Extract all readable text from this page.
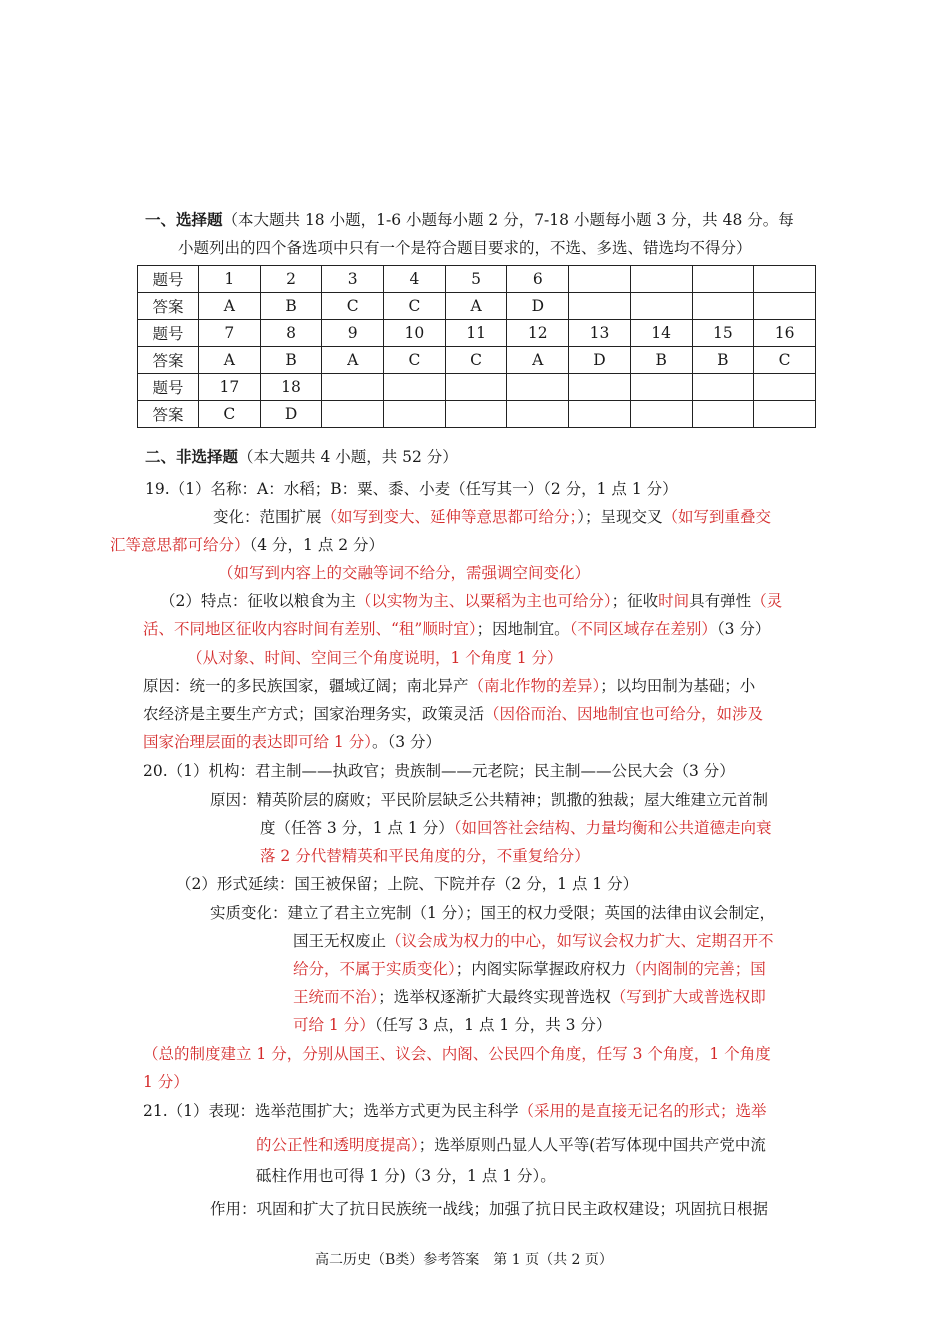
一、选择题（本大题共 18 小题，1-6 小题每小题 2 分，7-18 小题每小题 3 分，共 48 分。每
小题列出的四个备选项中只有一个是符合题目要求的，不选、多选、错选均不得分）
题号	1	2	3	4	5	6				
答案	A	B	C	C	A	D				
题号	7	8	9	10	11	12	13	14	15	16
答案	A	B	A	C	C	A	D	B	B	C
题号	17	18								
答案	C	D								
二、非选择题（本大题共 4 小题，共 52 分）
19.（1）名称：A：水稻；B：粟、黍、小麦（任写其一）（2 分，1 点 1 分）
变化：范围扩展（如写到变大、延伸等意思都可给分；）；呈现交叉（如写到重叠交
汇等意思都可给分）（4 分，1 点 2 分）
（如写到内容上的交融等词不给分，需强调空间变化）
（2）特点：征收以粮食为主（以实物为主、以粟稻为主也可给分）；征收时间具有弹性（灵
活、不同地区征收内容时间有差别、“租”顺时宜）；因地制宜。（不同区域存在差别）（3 分）
（从对象、时间、空间三个角度说明，1 个角度 1 分）
原因：统一的多民族国家，疆域辽阔；南北异产（南北作物的差异）；以均田制为基础；小
农经济是主要生产方式；国家治理务实，政策灵活（因俗而治、因地制宜也可给分，如涉及
国家治理层面的表达即可给 1 分）。（3 分）
20.（1）机构：君主制——执政官；贵族制——元老院；民主制——公民大会（3 分）
原因：精英阶层的腐败；平民阶层缺乏公共精神；凯撒的独裁；屋大维建立元首制
度（任答 3 分，1 点 1 分）（如回答社会结构、力量均衡和公共道德走向衰
落 2 分代替精英和平民角度的分，不重复给分）
（2）形式延续：国王被保留；上院、下院并存（2 分，1 点 1 分）
实质变化：建立了君主立宪制（1 分）；国王的权力受限；英国的法律由议会制定，
国王无权废止（议会成为权力的中心，如写议会权力扩大、定期召开不
给分，不属于实质变化）；内阁实际掌握政府权力（内阁制的完善；国
王统而不治）；选举权逐渐扩大最终实现普选权（写到扩大或普选权即
可给 1 分）（任写 3 点，1 点 1 分，共 3 分）
（总的制度建立 1 分，分别从国王、议会、内阁、公民四个角度，任写 3 个角度，1 个角度
1 分）
21.（1）表现：选举范围扩大；选举方式更为民主科学（采用的是直接无记名的形式；选举
的公正性和透明度提高）；选举原则凸显人人平等(若写体现中国共产党中流
砥柱作用也可得 1 分)（3 分，1 点 1 分）。
作用：巩固和扩大了抗日民族统一战线；加强了抗日民主政权建设；巩固抗日根据
高二历史（B类）参考答案　第 1 页（共 2 页）
